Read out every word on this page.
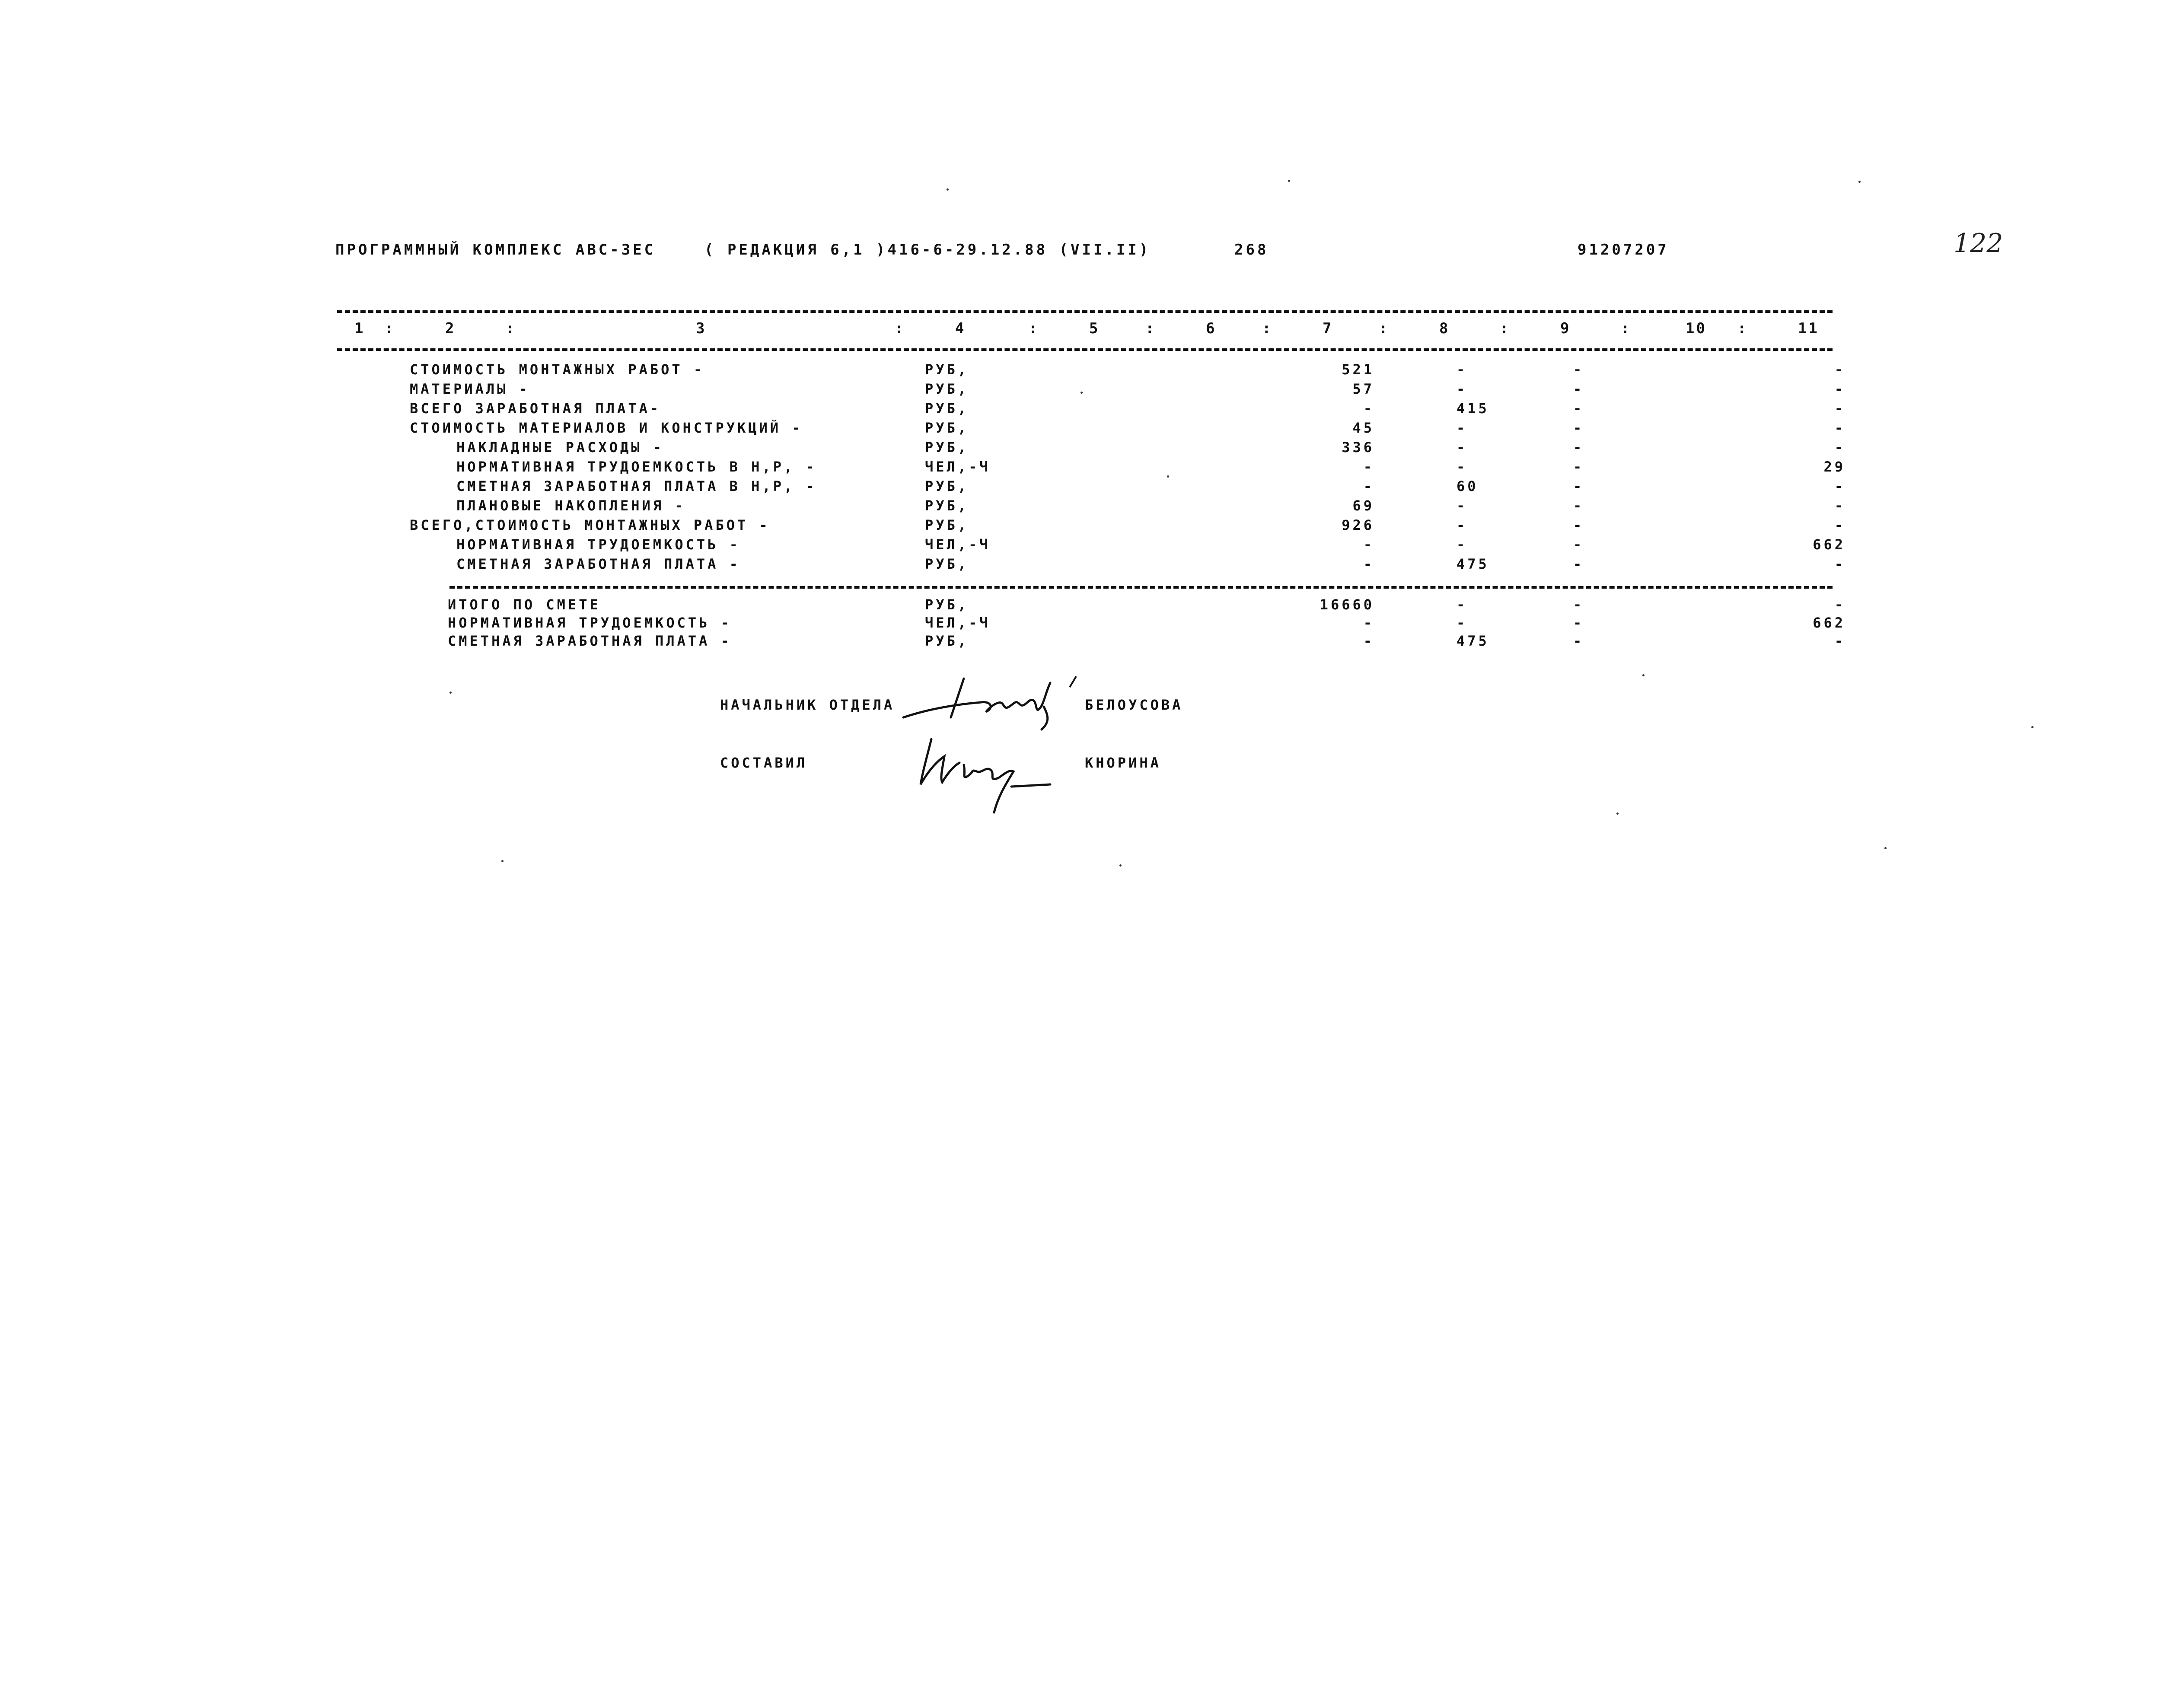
ПРОГРАММНЫЙ КОМПЛЕКС АВС-3ЕС	( РЕДАКЦИЯ 6,1 )416-6-29.12.88 (VII.II)	268	91207207	122
1	2	3	4	5	6	7	8	9	10	11
:	:	:	:	:	:	:	:	:	:
СТОИМОСТЬ МОНТАЖНЫХ РАБОТ -	РУБ,	521	-	-	-
МАТЕРИАЛЫ -	РУБ,	57	-	-	-
ВСЕГО ЗАРАБОТНАЯ ПЛАТА-	РУБ,	-	415	-	-
СТОИМОСТЬ МАТЕРИАЛОВ И КОНСТРУКЦИЙ -	РУБ,	45	-	-	-
НАКЛАДНЫЕ РАСХОДЫ -	РУБ,	336	-	-	-
НОРМАТИВНАЯ ТРУДОЕМКОСТЬ В Н,Р, -	ЧЕЛ,-Ч	-	-	-	29
СМЕТНАЯ ЗАРАБОТНАЯ ПЛАТА В Н,Р, -	РУБ,	-	60	-	-
ПЛАНОВЫЕ НАКОПЛЕНИЯ -	РУБ,	69	-	-	-
ВСЕГО,СТОИМОСТЬ МОНТАЖНЫХ РАБОТ -	РУБ,	926	-	-	-
НОРМАТИВНАЯ ТРУДОЕМКОСТЬ -	ЧЕЛ,-Ч	-	-	-	662
СМЕТНАЯ ЗАРАБОТНАЯ ПЛАТА -	РУБ,	-	475	-	-
ИТОГО ПО СМЕТЕ	РУБ,	16660	-	-	-
НОРМАТИВНАЯ ТРУДОЕМКОСТЬ -	ЧЕЛ,-Ч	-	-	-	662
СМЕТНАЯ ЗАРАБОТНАЯ ПЛАТА -	РУБ,	-	475	-	-
НАЧАЛЬНИК ОТДЕЛА	БЕЛОУСОВА
СОСТАВИЛ	КНОРИНА
